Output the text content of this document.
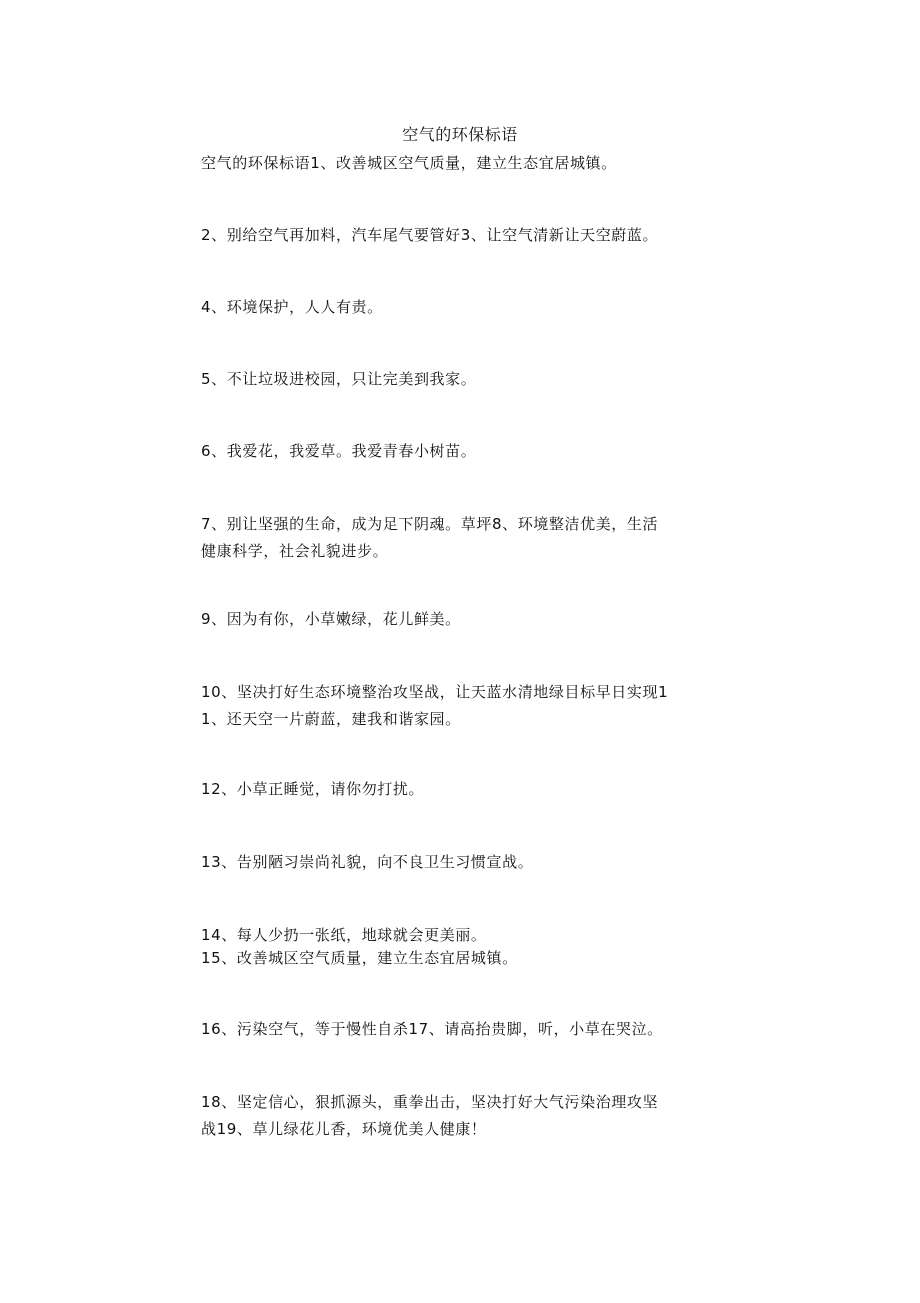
空气的环保标语
空气的环保标语1、改善城区空气质量，建立生态宜居城镇。
2、别给空气再加料，汽车尾气要管好3、让空气清新让天空蔚蓝。
4、环境保护，人人有责。
5、不让垃圾进校园，只让完美到我家。
6、我爱花，我爱草。我爱青春小树苗。
7、别让坚强的生命，成为足下阴魂。草坪8、环境整洁优美，生活
健康科学，社会礼貌进步。
9、因为有你，小草嫩绿，花儿鲜美。
10、坚决打好生态环境整治攻坚战，让天蓝水清地绿目标早日实现1
1、还天空一片蔚蓝，建我和谐家园。
12、小草正睡觉，请你勿打扰。
13、告别陋习崇尚礼貌，向不良卫生习惯宣战。
14、每人少扔一张纸，地球就会更美丽。
15、改善城区空气质量，建立生态宜居城镇。
16、污染空气，等于慢性自杀17、请高抬贵脚，听，小草在哭泣。
18、坚定信心，狠抓源头，重拳出击，坚决打好大气污染治理攻坚
战19、草儿绿花儿香，环境优美人健康！
